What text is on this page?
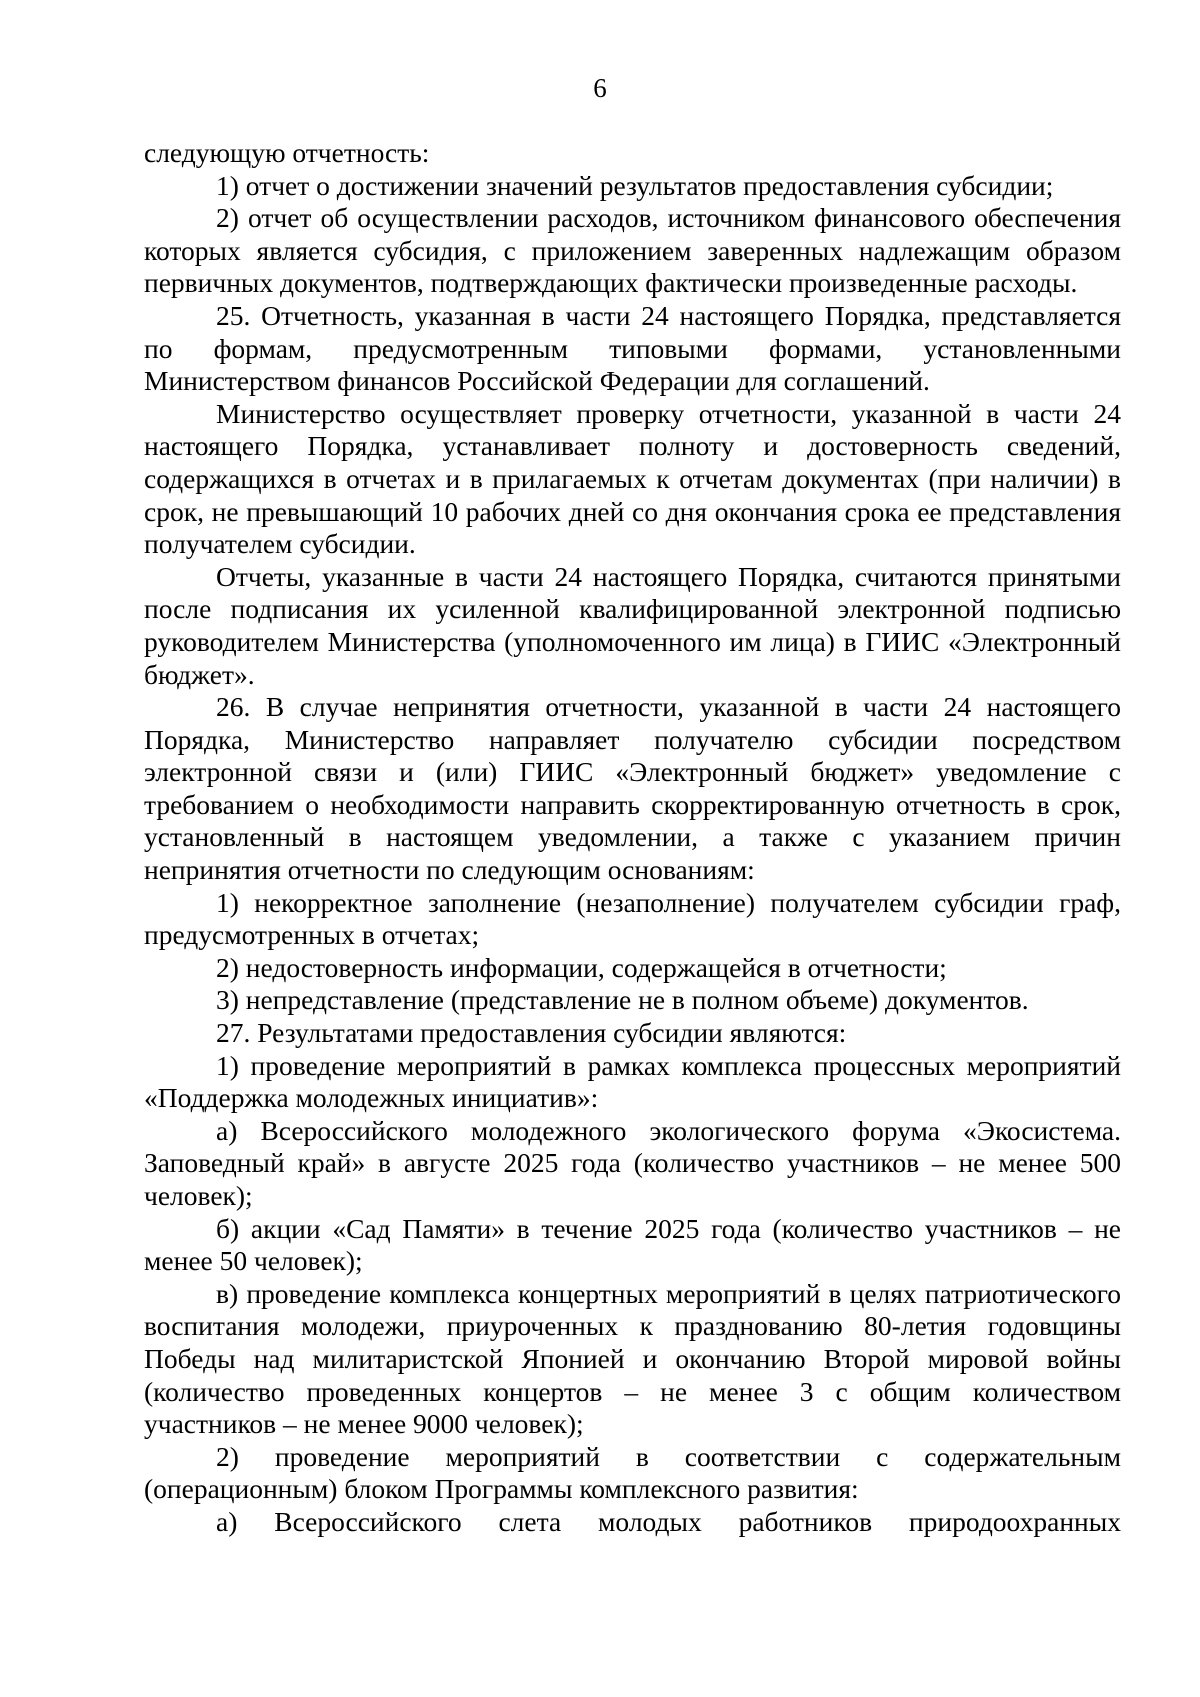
6

следующую отчетность:

1) отчет о достижении значений результатов предоставления субсидии;

2) отчет об осуществлении расходов, источником финансового обеспечения которых является субсидия, с приложением заверенных надлежащим образом первичных документов, подтверждающих фактически произведенные расходы.

25. Отчетность, указанная в части 24 настоящего Порядка, представляется по формам, предусмотренным типовыми формами, установленными Министерством финансов Российской Федерации для соглашений.

Министерство осуществляет проверку отчетности, указанной в части 24 настоящего Порядка, устанавливает полноту и достоверность сведений, содержащихся в отчетах и в прилагаемых к отчетам документах (при наличии) в срок, не превышающий 10 рабочих дней со дня окончания срока ее представления получателем субсидии.

Отчеты, указанные в части 24 настоящего Порядка, считаются принятыми после подписания их усиленной квалифицированной электронной подписью руководителем Министерства (уполномоченного им лица) в ГИИС «Электронный бюджет».

26. В случае непринятия отчетности, указанной в части 24 настоящего Порядка, Министерство направляет получателю субсидии посредством электронной связи и (или) ГИИС «Электронный бюджет» уведомление с требованием о необходимости направить скорректированную отчетность в срок, установленный в настоящем уведомлении, а также с указанием причин непринятия отчетности по следующим основаниям:

1) некорректное заполнение (незаполнение) получателем субсидии граф, предусмотренных в отчетах;

2) недостоверность информации, содержащейся в отчетности;

3) непредставление (представление не в полном объеме) документов.

27. Результатами предоставления субсидии являются:

1) проведение мероприятий в рамках комплекса процессных мероприятий «Поддержка молодежных инициатив»:

а) Всероссийского молодежного экологического форума «Экосистема. Заповедный край» в августе 2025 года (количество участников – не менее 500 человек);

б) акции «Сад Памяти» в течение 2025 года (количество участников – не менее 50 человек);

в) проведение комплекса концертных мероприятий в целях патриотического воспитания молодежи, приуроченных к празднованию 80-летия годовщины Победы над милитаристской Японией и окончанию Второй мировой войны (количество проведенных концертов – не менее 3 с общим количеством участников – не менее 9000 человек);

2) проведение мероприятий в соответствии с содержательным (операционным) блоком Программы комплексного развития:

а) Всероссийского слета молодых работников природоохранных
